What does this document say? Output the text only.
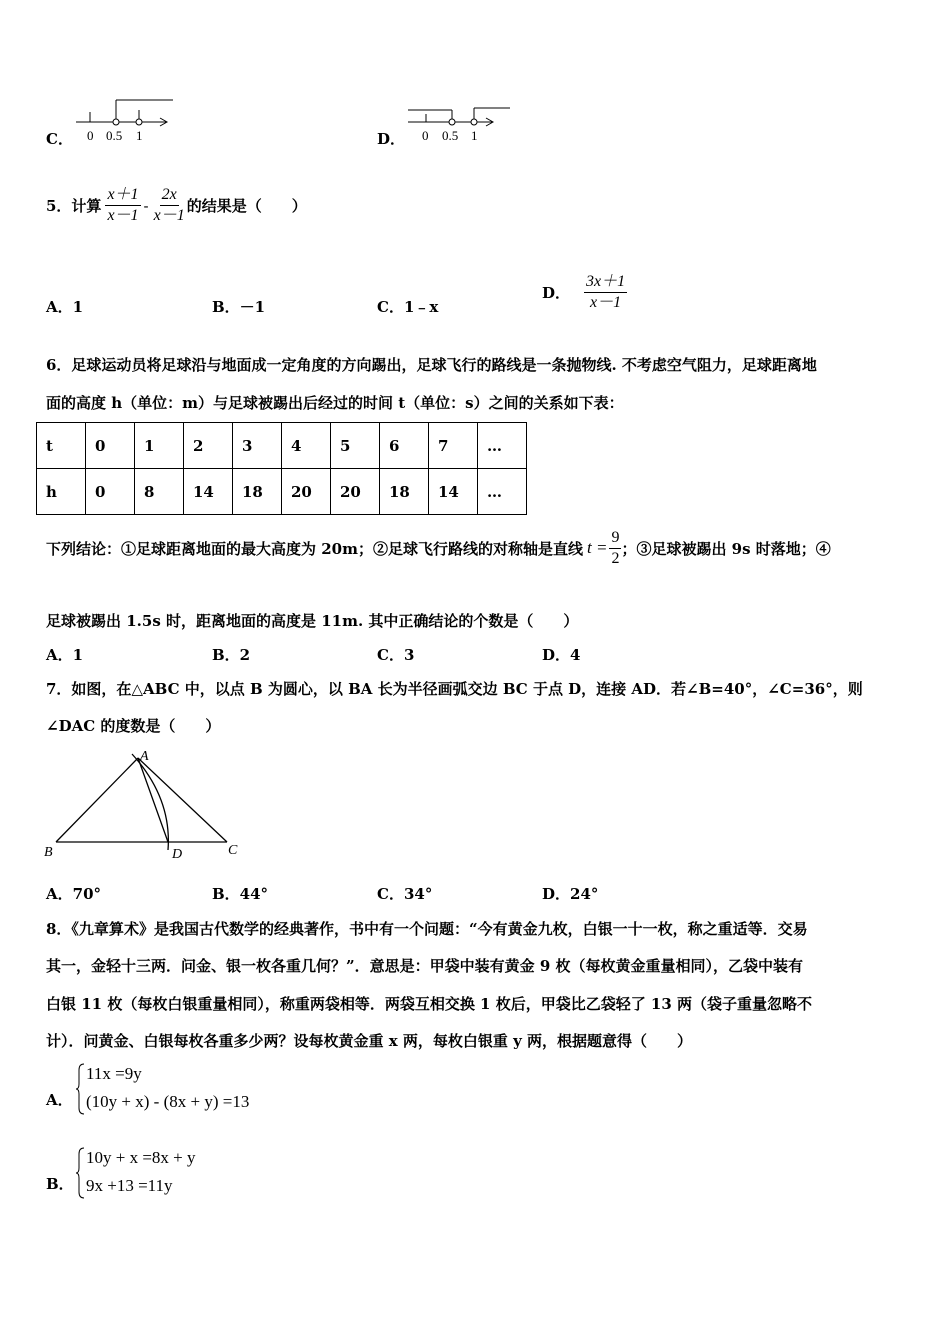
C． 0 0.5 1	D． 0 0.5 1
5．计算 $\frac{x+1}{x-1} - \frac{2x}{x-1}$ 的结果是（　　）
A．1	B．－1	C．1﹣x
D． $\frac{3x+1}{x-1}$
6．足球运动员将足球沿与地面成一定角度的方向踢出，足球飞行的路线是一条抛物线. 不考虑空气阻力，足球距离地
面的高度 h（单位：m）与足球被踢出后经过的时间 t（单位：s）之间的关系如下表：
t	0	1	2	3	4	5	6	7	…
h	0	8	14	18	20	20	18	14	…
下列结论：①足球距离地面的最大高度为 20m；②足球飞行路线的对称轴是直线 $t = \frac{9}{2}$ ；③足球被踢出 9s 时落地；④
足球被踢出 1.5s 时，距离地面的高度是 11m. 其中正确结论的个数是（　　）
A．1	B．2	C．3	D．4
7．如图，在△ABC 中，以点 B 为圆心，以 BA 长为半径画弧交边 BC 于点 D，连接 AD．若∠B=40°，∠C=36°，则
∠DAC 的度数是（　　）
A
B	C
D
A．70°	B．44°	C．34°	D．24°
8．《九章算术》是我国古代数学的经典著作，书中有一个问题：“今有黄金九枚，白银一十一枚，称之重适等．交易
其一，金轻十三两．问金、银一枚各重几何？”．意思是：甲袋中装有黄金 9 枚（每枚黄金重量相同），乙袋中装有
白银 11 枚（每枚白银重量相同），称重两袋相等．两袋互相交换 1 枚后，甲袋比乙袋轻了 13 两（袋子重量忽略不
计）．问黄金、白银每枚各重多少两？设每枚黄金重 x 两，每枚白银重 y 两，根据题意得（　　）
A．
11x =9y
(10y + x) - (8x + y) =13
B．
10y + x =8x + y
9x +13 =11y
